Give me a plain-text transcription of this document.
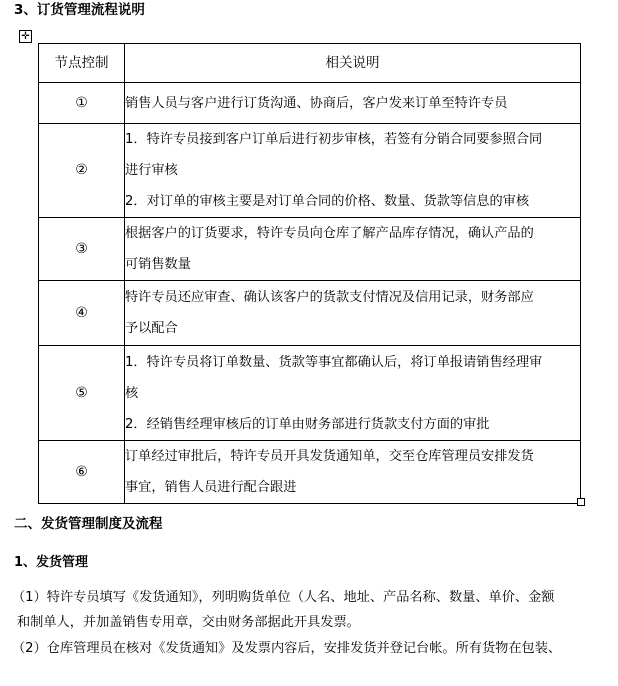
3、订货管理流程说明
✛
节点控制	相关说明
①	销售人员与客户进行订货沟通、协商后，客户发来订单至特许专员

②	1．特许专员接到客户订单后进行初步审核，若签有分销合同要参照合同
进行审核
2．对订单的审核主要是对订单合同的价格、数量、货款等信息的审核

③	根据客户的订货要求，特许专员向仓库了解产品库存情况，确认产品的
可销售数量

④	特许专员还应审查、确认该客户的货款支付情况及信用记录，财务部应
予以配合

⑤	1．特许专员将订单数量、货款等事宜都确认后，将订单报请销售经理审
核
2．经销售经理审核后的订单由财务部进行货款支付方面的审批

⑥	订单经过审批后，特许专员开具发货通知单，交至仓库管理员安排发货
事宜，销售人员进行配合跟进
二、发货管理制度及流程
1、发货管理
（1）特许专员填写《发货通知》，列明购货单位（人名、地址、产品名称、数量、单价、金额
和制单人，并加盖销售专用章，交由财务部据此开具发票。
（2）仓库管理员在核对《发货通知》及发票内容后，安排发货并登记台帐。所有货物在包装、
